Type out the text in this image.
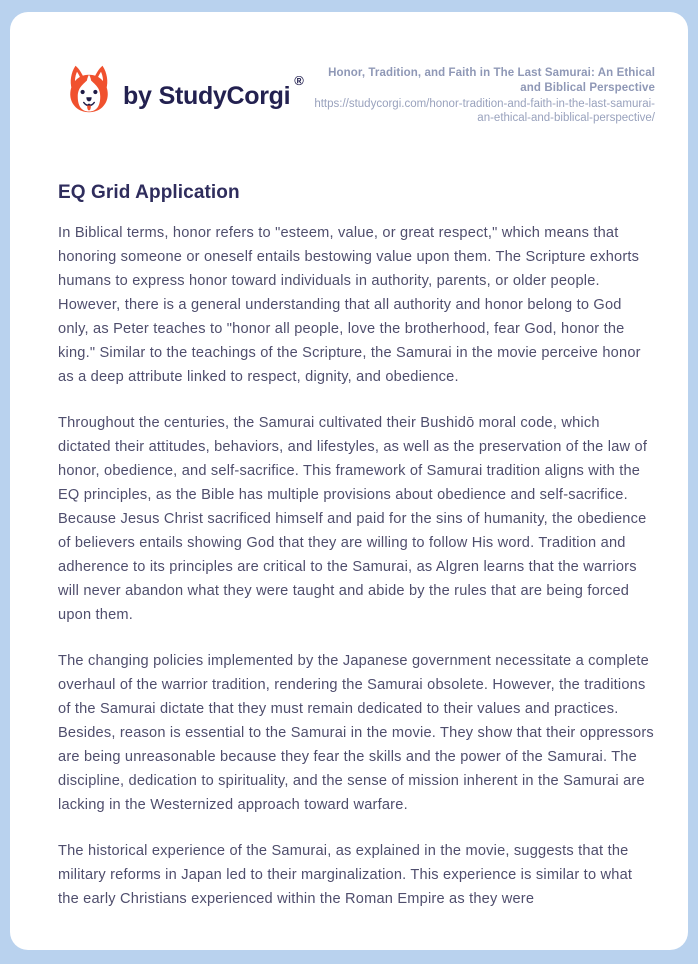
by StudyCorgi®
Honor, Tradition, and Faith in The Last Samurai: An Ethical and Biblical Perspective
https://studycorgi.com/honor-tradition-and-faith-in-the-last-samurai-an-ethical-and-biblical-perspective/
EQ Grid Application

In Biblical terms, honor refers to "esteem, value, or great respect," which means that honoring someone or oneself entails bestowing value upon them. The Scripture exhorts humans to express honor toward individuals in authority, parents, or older people. However, there is a general understanding that all authority and honor belong to God only, as Peter teaches to "honor all people, love the brotherhood, fear God, honor the king." Similar to the teachings of the Scripture, the Samurai in the movie perceive honor as a deep attribute linked to respect, dignity, and obedience.

Throughout the centuries, the Samurai cultivated their Bushidō moral code, which dictated their attitudes, behaviors, and lifestyles, as well as the preservation of the law of honor, obedience, and self-sacrifice. This framework of Samurai tradition aligns with the EQ principles, as the Bible has multiple provisions about obedience and self-sacrifice. Because Jesus Christ sacrificed himself and paid for the sins of humanity, the obedience of believers entails showing God that they are willing to follow His word. Tradition and adherence to its principles are critical to the Samurai, as Algren learns that the warriors will never abandon what they were taught and abide by the rules that are being forced upon them.

The changing policies implemented by the Japanese government necessitate a complete overhaul of the warrior tradition, rendering the Samurai obsolete. However, the traditions of the Samurai dictate that they must remain dedicated to their values and practices. Besides, reason is essential to the Samurai in the movie. They show that their oppressors are being unreasonable because they fear the skills and the power of the Samurai. The discipline, dedication to spirituality, and the sense of mission inherent in the Samurai are lacking in the Westernized approach toward warfare.

The historical experience of the Samurai, as explained in the movie, suggests that the military reforms in Japan led to their marginalization. This experience is similar to what the early Christians experienced within the Roman Empire as they were
